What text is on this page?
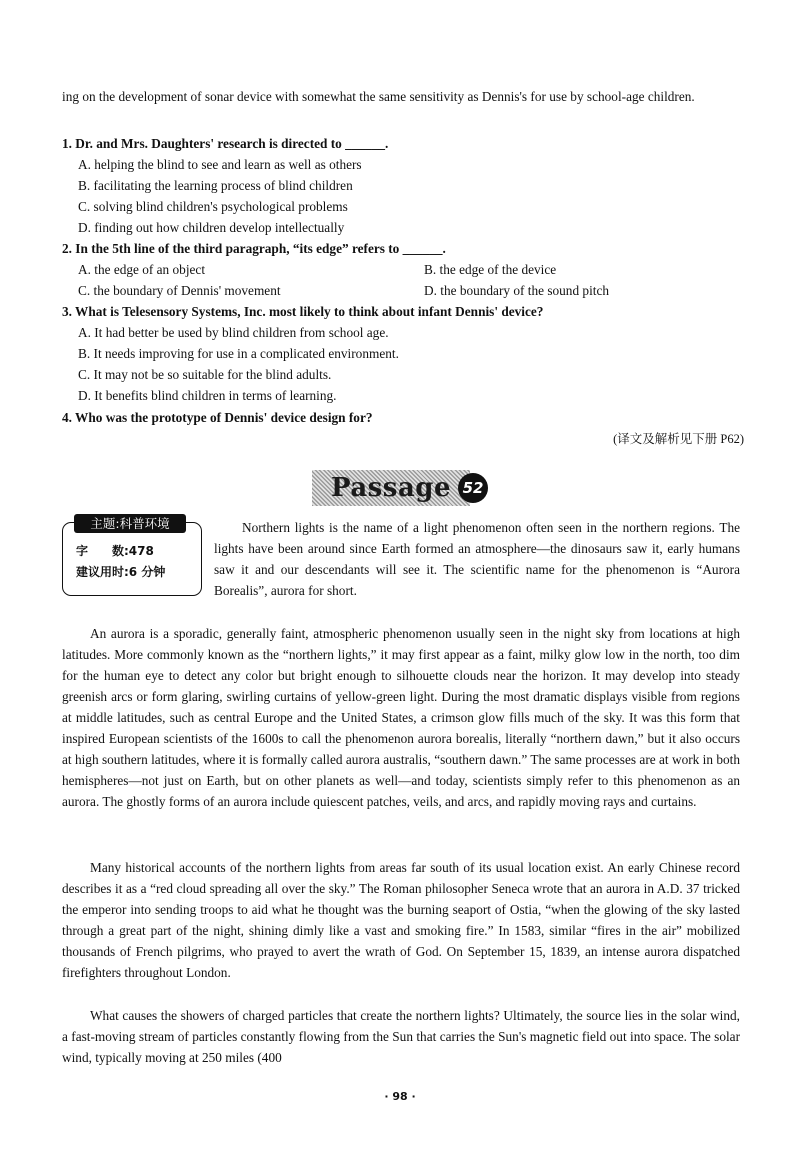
ing on the development of sonar device with somewhat the same sensitivity as Dennis's for use by school-age children.

1. Dr. and Mrs. Daughters' research is directed to ______.
A. helping the blind to see and learn as well as others
B. facilitating the learning process of blind children
C. solving blind children's psychological problems
D. finding out how children develop intellectually
2. In the 5th line of the third paragraph, “its edge” refers to ______.
A. the edge of an object	B. the edge of the device
C. the boundary of Dennis' movement	D. the boundary of the sound pitch
3. What is Telesensory Systems, Inc. most likely to think about infant Dennis' device?
A. It had better be used by blind children from school age.
B. It needs improving for use in a complicated environment.
C. It may not be so suitable for the blind adults.
D. It benefits blind children in terms of learning.
4. Who was the prototype of Dennis' device design for?
(译文及解析见下册 P62)
Passage 52
主题:科普环境
字　　数:478
建议用时:6 分钟

Northern lights is the name of a light phenomenon often seen in the northern regions. The lights have been around since Earth formed an atmosphere—the dinosaurs saw it, early humans saw it and our descendants will see it. The scientific name for the phenomenon is “Aurora Borealis”, aurora for short.

An aurora is a sporadic, generally faint, atmospheric phenomenon usually seen in the night sky from locations at high latitudes. More commonly known as the “northern lights,” it may first appear as a faint, milky glow low in the north, too dim for the human eye to detect any color but bright enough to silhouette clouds near the horizon. It may develop into steady greenish arcs or form glaring, swirling curtains of yellow-green light. During the most dramatic displays visible from regions at middle latitudes, such as central Europe and the United States, a crimson glow fills much of the sky. It was this form that inspired European scientists of the 1600s to call the phenomenon aurora borealis, literally “northern dawn,” but it also occurs at high southern latitudes, where it is formally called aurora australis, “southern dawn.” The same processes are at work in both hemispheres—not just on Earth, but on other planets as well—and today, scientists simply refer to this phenomenon as an aurora. The ghostly forms of an aurora include quiescent patches, veils, and arcs, and rapidly moving rays and curtains.

Many historical accounts of the northern lights from areas far south of its usual location exist. An early Chinese record describes it as a “red cloud spreading all over the sky.” The Roman philosopher Seneca wrote that an aurora in A.D. 37 tricked the emperor into sending troops to aid what he thought was the burning seaport of Ostia, “when the glowing of the sky lasted through a great part of the night, shining dimly like a vast and smoking fire.” In 1583, similar “fires in the air” mobilized thousands of French pilgrims, who prayed to avert the wrath of God. On September 15, 1839, an intense aurora dispatched firefighters throughout London.

What causes the showers of charged particles that create the northern lights? Ultimately, the source lies in the solar wind, a fast-moving stream of particles constantly flowing from the Sun that carries the Sun's magnetic field out into space. The solar wind, typically moving at 250 miles (400

· 98 ·
